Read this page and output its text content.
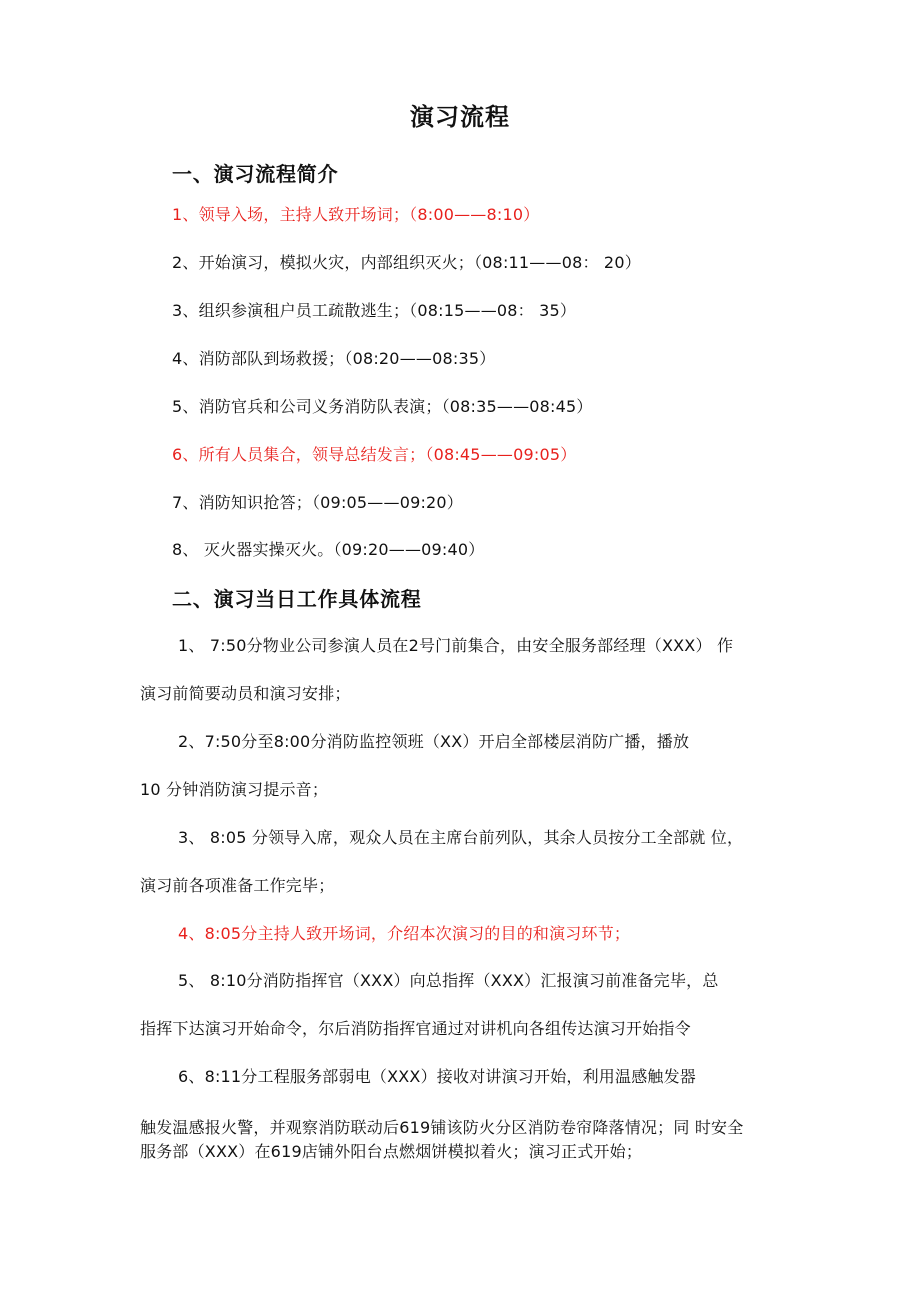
演习流程
一、演习流程简介
1、领导入场，主持人致开场词；（8:00——8:10）
2、开始演习，模拟火灾，内部组织灭火；（08:11——08： 20）
3、组织参演租户员工疏散逃生；（08:15——08： 35）
4、消防部队到场救援；（08:20——08:35）
5、消防官兵和公司义务消防队表演；（08:35——08:45）
6、所有人员集合，领导总结发言；（08:45——09:05）
7、消防知识抢答；（09:05——09:20）
8、 灭火器实操灭火。（09:20——09:40）
二、演习当日工作具体流程
1、 7:50分物业公司参演人员在2号门前集合，由安全服务部经理（XXX） 作
演习前简要动员和演习安排；
2、7:50分至8:00分消防监控领班（XX）开启全部楼层消防广播，播放
10 分钟消防演习提示音；
3、 8:05 分领导入席，观众人员在主席台前列队，其余人员按分工全部就 位，
演习前各项准备工作完毕；
4、8:05分主持人致开场词，介绍本次演习的目的和演习环节；
5、 8:10分消防指挥官（XXX）向总指挥（XXX）汇报演习前准备完毕，总
指挥下达演习开始命令，尔后消防指挥官通过对讲机向各组传达演习开始指令
6、8:11分工程服务部弱电（XXX）接收对讲演习开始，利用温感触发器
触发温感报火警，并观察消防联动后619铺该防火分区消防卷帘降落情况；同 时安全
服务部（XXX）在619店铺外阳台点燃烟饼模拟着火；演习正式开始；
